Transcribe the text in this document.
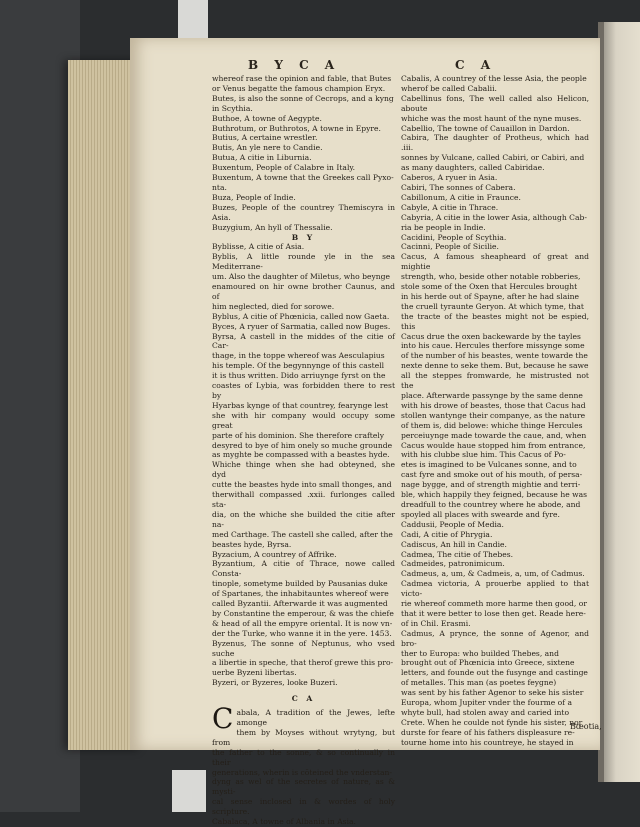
B Y C A	C A

whereof rase the opinion and fable, that Butes

or Venus begatte the famous champion Eryx.

Butes, is also the sonne of Cecrops, and a kyng

in Scythia.

Buthoe, A towne of Aegypte.

Buthrotum, or Buthrotos, A towne in Epyre.

Butius, A certaine wrestler.

Butis, An yle nere to Candie.

Butua, A citie in Liburnia.

Buxentum, People of Calabre in Italy.

Buxentum, A towne that the Greekes call Pyxo-

nta.

Buza, People of Indie.

Buzes, People of the countrey Themiscyra in Asia.

Buzygium, An hyll of Thessalie.

B Y

Byblisse, A citie of Asia.

Byblis, A little rounde yle in the sea Mediterrane-

um. Also the daughter of Miletus, who beynge

enamoured on hir owne brother Caunus, and of

him neglected, died for sorowe.

Byblus, A citie of Phœnicia, called now Gaeta.

Byces, A ryuer of Sarmatia, called now Buges.

Byrsa, A castell in the middes of the citie of Car-

thage, in the toppe whereof was Aesculapius

his temple. Of the begynnynge of this castell

it is thus written. Dido arriuynge fyrst on the

coastes of Lybia, was forbidden there to rest by

Hyarbas kynge of that countrey, fearynge lest

she with hir company would occupy some great

parte of his dominion. She therefore craftely

desyred to bye of him onely so muche grounde

as myghte be compassed with a beastes hyde.

Whiche thinge when she had obteyned, she dyd

cutte the beastes hyde into small thonges, and

therwithall compassed .xxii. furlonges called sta-

dia, on the whiche she builded the citie after na-

med Carthage. The castell she called, after the

beastes hyde, Byrsa.

Byzacium, A countrey of Affrike.

Byzantium, A citie of Thrace, nowe called Consta-

tinople, sometyme builded by Pausanias duke

of Spartanes, the inhabitauntes whereof were

called Byzantii. Afterwarde it was augmented

by Constantine the emperour, & was the chiefe

& head of all the empyre oriental. It is now vn-

der the Turke, who wanne it in the yere. 1453.

Byzenus, The sonne of Neptunus, who vsed suche

a libertie in speche, that therof grewe this pro-

uerbe Byzeni libertas.

Byzeri, or Byzeres, looke Buzeri.

C A

C abala, A tradition of the Jewes, lefte amonge

them by Moyses without wrytyng, but from

the father to the sonne, & so continually in their

generations, wherin is cōteined the vnderstan-

dyng as wel of the secretes of nature, as & mysti-

cal sense inclosed in & wordes of holy scripture.

Cabalaca, A towne of Albania in Asia.

Cabalis, A countrey of the lesse Asia, the people

wherof be called Cabalii.

Cabellinus fons, The well called also Helicon, aboute

whiche was the most haunt of the nyne muses.

Cabellio, The towne of Cauaillon in Dardon.

Cabira, The daughter of Protheus, which had .iii.

sonnes by Vulcane, called Cabiri, or Cabiri, and

as many daughters, called Cabiridae.

Caberos, A ryuer in Asia.

Cabiri, The sonnes of Cabera.

Cabillonum, A citie in Fraunce.

Cabyle, A citie in Thrace.

Cabyria, A citie in the lower Asia, although Cab-

ria be people in Indie.

Cacidini, People of Scythia.

Cacinni, People of Sicilie.

Cacus, A famous sheapheard of great and mightie

strength, who, beside other notable robberies,

stole some of the Oxen that Hercules brought

in his herde out of Spayne, after he had slaine

the cruell tyraunte Geryon. At which tyme, that

the tracte of the beastes might not be espied, this

Cacus drue the oxen backewarde by the tayles

into his caue. Hercules therfore missynge some

of the number of his beastes, wente towarde the

nexte denne to seke them. But, because he sawe

all the steppes fromwarde, he mistrusted not the

place. Afterwarde passynge by the same denne

with his drowe of beastes, those that Cacus had

stollen wantynge their companye, as the nature

of them is, did belowe: whiche thinge Hercules

perceiuynge made towarde the caue, and, when

Cacus woulde haue stopped him from entrance,

with his clubbe slue him. This Cacus of Po-

etes is imagined to be Vulcanes sonne, and to

cast fyre and smoke out of his mouth, of persa-

nage bygge, and of strength mightie and terri-

ble, which happily they feigned, because he was

dreadfull to the countrey where he abode, and

spoyled all places with swearde and fyre.

Caddusii, People of Media.

Cadi, A citie of Phrygia.

Cadiscus, An hill in Candie.

Cadmea, The citie of Thebes.

Cadmeides, patronimicum.

Cadmeus, a, um, & Cadmeis, a, um, of Cadmus.

Cadmea victoria, A prouerbe applied to that victo-

rie whereof commeth more harme then good, or

that it were better to lose then get. Reade here-

of in Chil. Erasmi.

Cadmus, A prynce, the sonne of Agenor, and bro-

ther to Europa: who builded Thebes, and

brought out of Phœnicia into Greece, sixtene

letters, and founde out the fusynge and castinge

of metalles. This man (as poetes feygne)

was sent by his father Agenor to seke his sister

Europa, whom Jupiter vnder the fourme of a

whyte bull, had stolen away and caried into

Crete. When he coulde not fynde his sister, nor

durste for feare of his fathers displeasure re-

tourne home into his countreye, he stayed in

Bœotia,
